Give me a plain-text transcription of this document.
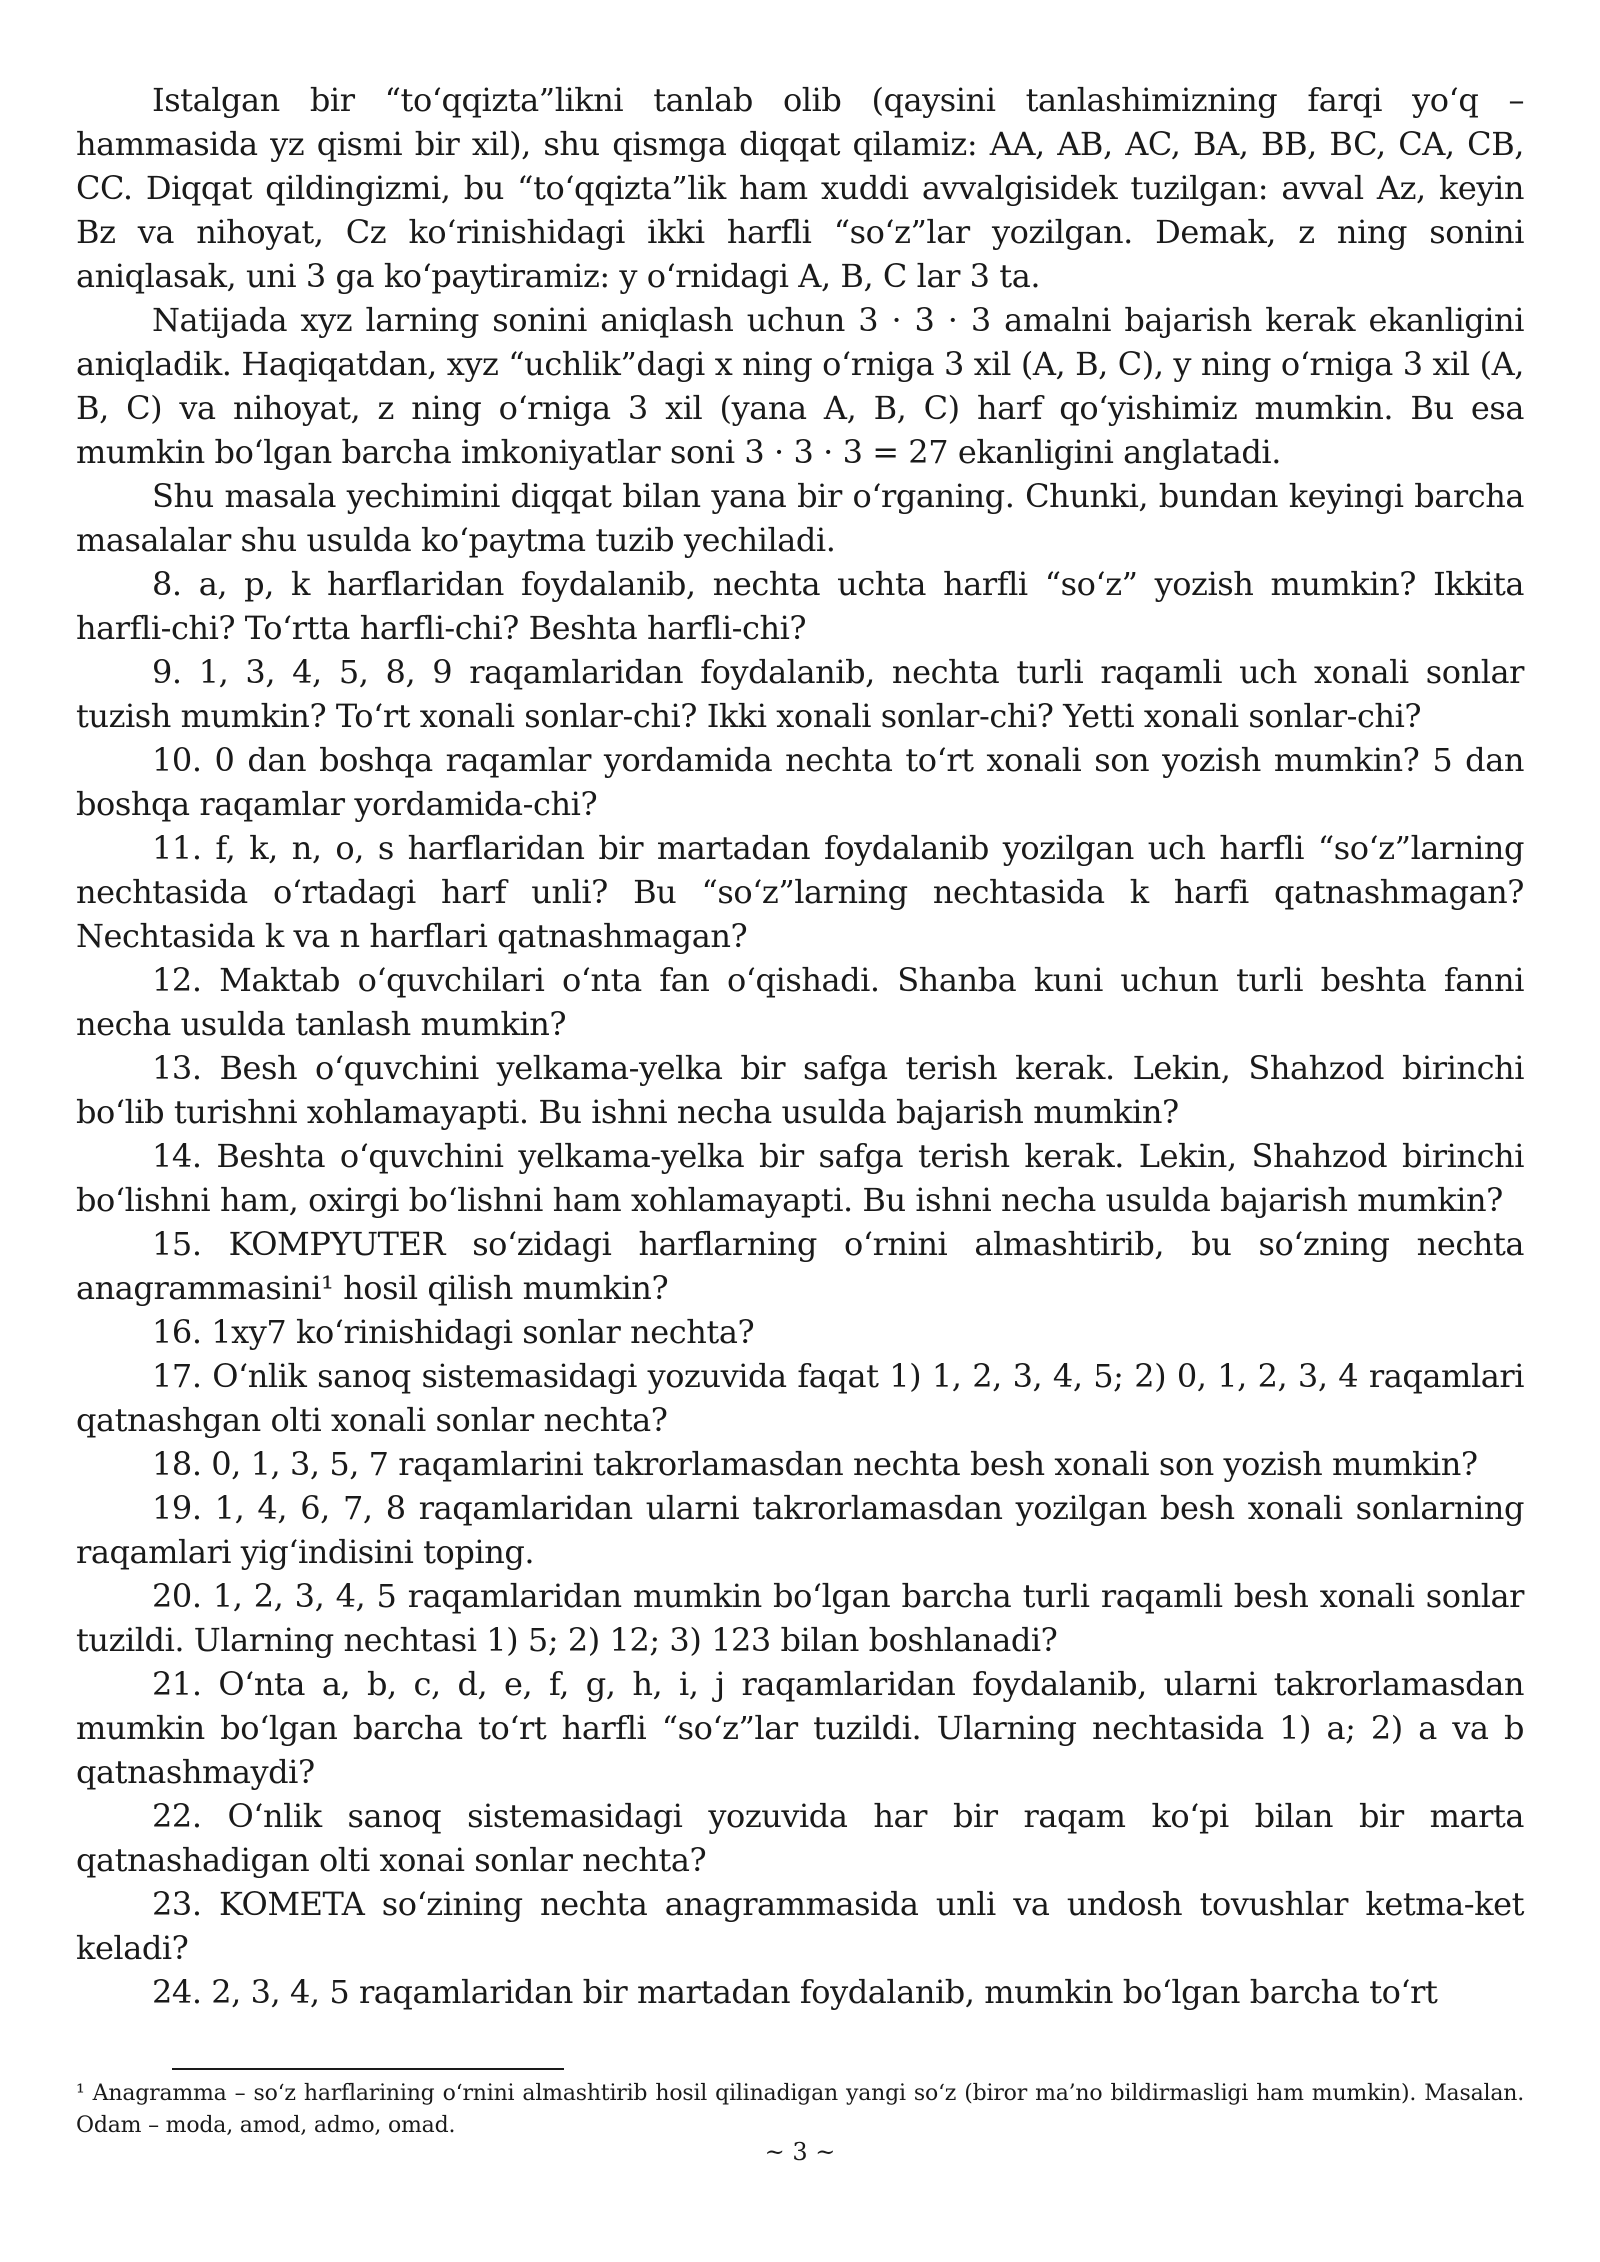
Istalgan bir “to‘qqizta”likni tanlab olib (qaysini tanlashimizning farqi yo‘q – hammasida yz qismi bir xil), shu qismga diqqat qilamiz: AA, AB, AC, BA, BB, BC, CA, CB, CC. Diqqat qildingizmi, bu “to‘qqizta”lik ham xuddi avvalgisidek tuzilgan: avval Az, keyin Bz va nihoyat, Cz ko‘rinishidagi ikki harfli “so‘z”lar yozilgan. Demak, z ning sonini aniqlasak, uni 3 ga ko‘paytiramiz: y o‘rnidagi A, B, C lar 3 ta.

Natijada xyz larning sonini aniqlash uchun 3 · 3 · 3 amalni bajarish kerak ekanligini aniqladik. Haqiqatdan, xyz “uchlik”dagi x ning o‘rniga 3 xil (A, B, C), y ning o‘rniga 3 xil (A, B, C) va nihoyat, z ning o‘rniga 3 xil (yana A, B, C) harf qo‘yishimiz mumkin. Bu esa mumkin bo‘lgan barcha imkoniyatlar soni 3 · 3 · 3 = 27 ekanligini anglatadi.

Shu masala yechimini diqqat bilan yana bir o‘rganing. Chunki, bundan keyingi barcha masalalar shu usulda ko‘paytma tuzib yechiladi.

8. a, p, k harflaridan foydalanib, nechta uchta harfli “so‘z” yozish mumkin? Ikkita harfli-chi? To‘rtta harfli-chi? Beshta harfli-chi?

9. 1, 3, 4, 5, 8, 9 raqamlaridan foydalanib, nechta turli raqamli uch xonali sonlar tuzish mumkin? To‘rt xonali sonlar-chi? Ikki xonali sonlar-chi? Yetti xonali sonlar-chi?

10. 0 dan boshqa raqamlar yordamida nechta to‘rt xonali son yozish mumkin? 5 dan boshqa raqamlar yordamida-chi?

11. f, k, n, o, s harflaridan bir martadan foydalanib yozilgan uch harfli “so‘z”larning nechtasida o‘rtadagi harf unli? Bu “so‘z”larning nechtasida k harfi qatnashmagan? Nechtasida k va n harflari qatnashmagan?

12. Maktab o‘quvchilari o‘nta fan o‘qishadi. Shanba kuni uchun turli beshta fanni necha usulda tanlash mumkin?

13. Besh o‘quvchini yelkama-yelka bir safga terish kerak. Lekin, Shahzod birinchi bo‘lib turishni xohlamayapti. Bu ishni necha usulda bajarish mumkin?

14. Beshta o‘quvchini yelkama-yelka bir safga terish kerak. Lekin, Shahzod birinchi bo‘lishni ham, oxirgi bo‘lishni ham xohlamayapti. Bu ishni necha usulda bajarish mumkin?

15. KOMPYUTER so‘zidagi harflarning o‘rnini almashtirib, bu so‘zning nechta anagrammasini¹ hosil qilish mumkin?

16. 1xy7 ko‘rinishidagi sonlar nechta?

17. O‘nlik sanoq sistemasidagi yozuvida faqat 1) 1, 2, 3, 4, 5; 2) 0, 1, 2, 3, 4 raqamlari qatnashgan olti xonali sonlar nechta?

18. 0, 1, 3, 5, 7 raqamlarini takrorlamasdan nechta besh xonali son yozish mumkin?

19. 1, 4, 6, 7, 8 raqamlaridan ularni takrorlamasdan yozilgan besh xonali sonlarning raqamlari yig‘indisini toping.

20. 1, 2, 3, 4, 5 raqamlaridan mumkin bo‘lgan barcha turli raqamli besh xonali sonlar tuzildi. Ularning nechtasi 1) 5; 2) 12; 3) 123 bilan boshlanadi?

21. O‘nta a, b, c, d, e, f, g, h, i, j raqamlaridan foydalanib, ularni takrorlamasdan mumkin bo‘lgan barcha to‘rt harfli “so‘z”lar tuzildi. Ularning nechtasida 1) a; 2) a va b qatnashmaydi?

22. O‘nlik sanoq sistemasidagi yozuvida har bir raqam ko‘pi bilan bir marta qatnashadigan olti xonai sonlar nechta?

23. KOMETA so‘zining nechta anagrammasida unli va undosh tovushlar ketma-ket keladi?

24. 2, 3, 4, 5 raqamlaridan bir martadan foydalanib, mumkin bo‘lgan barcha to‘rt

¹ Anagramma – so‘z harflarining o‘rnini almashtirib hosil qilinadigan yangi so‘z (biror ma’no bildirmasligi ham mumkin). Masalan. Odam – moda, amod, admo, omad.
~ 3 ~
